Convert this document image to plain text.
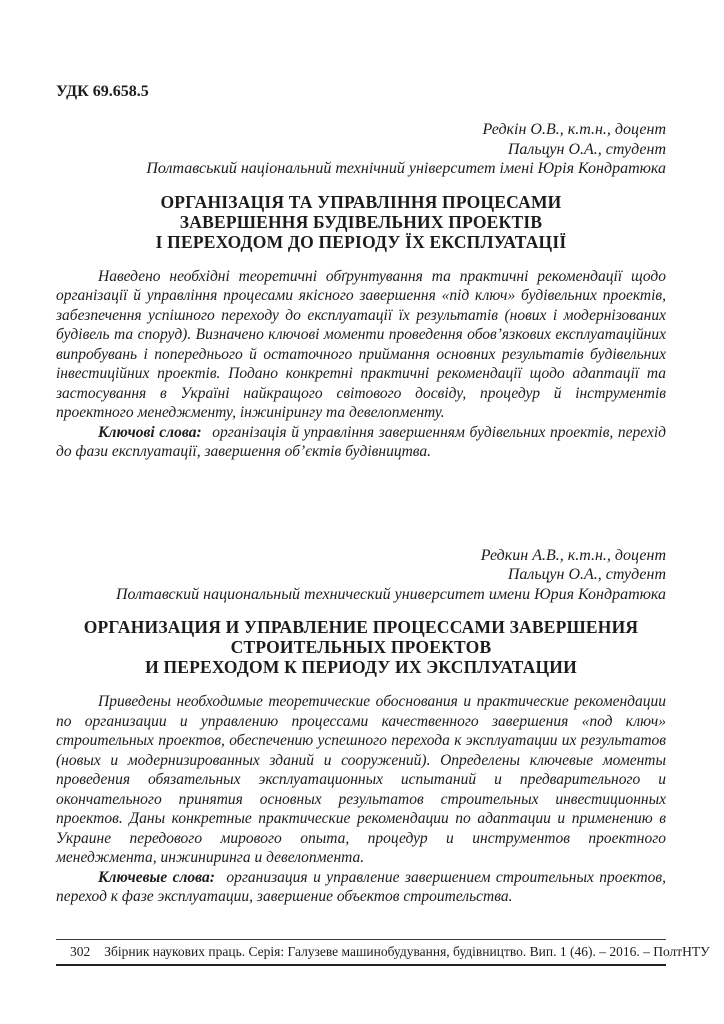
УДК 69.658.5
Редкін О.В., к.т.н., доцент
Пальцун О.А., студент
Полтавський національний технічний університет імені Юрія Кондратюка
ОРГАНІЗАЦІЯ ТА УПРАВЛІННЯ ПРОЦЕСАМИ
ЗАВЕРШЕННЯ БУДІВЕЛЬНИХ ПРОЕКТІВ
І ПЕРЕХОДОМ ДО ПЕРІОДУ ЇХ ЕКСПЛУАТАЦІЇ

Наведено необхідні теоретичні обґрунтування та практичні рекомендації щодо організації й управління процесами якісного завершення «під ключ» будівельних проектів, забезпечення успішного переходу до експлуатації їх результатів (нових і модернізованих будівель та споруд). Визначено ключові моменти проведення обов’язкових експлуатаційних випробувань і попереднього й остаточного приймання основних результатів будівельних інвестиційних проектів. Подано конкретні практичні рекомендації щодо адаптації та застосування в Україні найкращого світового досвіду, процедур й інструментів проектного менеджменту, інжинірингу та девелопменту.

Ключові слова: організація й управління завершенням будівельних проектів, перехід до фази експлуатації, завершення об’єктів будівництва.

Редкин А.В., к.т.н., доцент
Пальцун О.А., студент
Полтавский национальный технический университет имени Юрия Кондратюка
ОРГАНИЗАЦИЯ И УПРАВЛЕНИЕ ПРОЦЕССАМИ ЗАВЕРШЕНИЯ
СТРОИТЕЛЬНЫХ ПРОЕКТОВ
И ПЕРЕХОДОМ К ПЕРИОДУ ИХ ЭКСПЛУАТАЦИИ

Приведены необходимые теоретические обоснования и практические рекомендации по организации и управлению процессами качественного завершения «под ключ» строительных проектов, обеспечению успешного перехода к эксплуатации их результатов (новых и модернизированных зданий и сооружений). Определены ключевые моменты проведения обязательных эксплуатационных испытаний и предварительного и окончательного принятия основных результатов строительных инвестиционных проектов. Даны конкретные практические рекомендации по адаптации и применению в Украине передового мирового опыта, процедур и инструментов проектного менеджмента, инжиниринга и девелопмента.

Ключевые слова: организация и управление завершением строительных проектов, переход к фазе эксплуатации, завершение объектов строительства.

302 Збірник наукових праць. Серія: Галузеве машинобудування, будівництво. Вип. 1 (46). – 2016. – ПолтНТУ
